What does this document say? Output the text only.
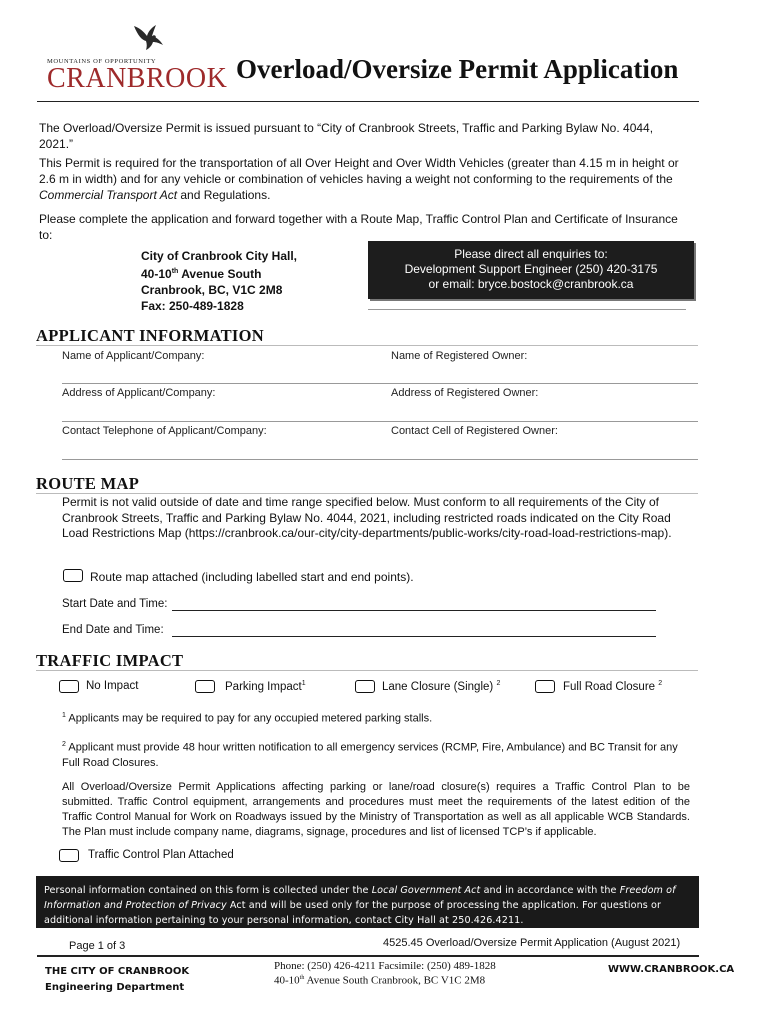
MOUNTAINS OF OPPORTUNITY
CRANBROOK Overload/Oversize Permit Application
The Overload/Oversize Permit is issued pursuant to “City of Cranbrook Streets, Traffic and Parking Bylaw No. 4044, 2021.”
This Permit is required for the transportation of all Over Height and Over Width Vehicles (greater than 4.15 m in height or 2.6 m in width) and for any vehicle or combination of vehicles having a weight not conforming to the requirements of the Commercial Transport Act and Regulations.
Please complete the application and forward together with a Route Map, Traffic Control Plan and Certificate of Insurance to:
City of Cranbrook City Hall,
40-10th Avenue South
Cranbrook, BC, V1C 2M8
Fax: 250-489-1828
Please direct all enquiries to:
Development Support Engineer (250) 420-3175
or email: bryce.bostock@cranbrook.ca
APPLICANT INFORMATION
Name of Applicant/Company:	Name of Registered Owner:
Address of Applicant/Company:	Address of Registered Owner:
Contact Telephone of Applicant/Company:	Contact Cell of Registered Owner:
ROUTE MAP
Permit is not valid outside of date and time range specified below. Must conform to all requirements of the City of Cranbrook Streets, Traffic and Parking Bylaw No. 4044, 2021, including restricted roads indicated on the City Road Load Restrictions Map (https://cranbrook.ca/our-city/city-departments/public-works/city-road-load-restrictions-map).
Route map attached (including labelled start and end points).
Start Date and Time:
End Date and Time:
TRAFFIC IMPACT
No Impact	Parking Impact$^1$	Lane Closure (Single) $^2$	Full Road Closure $^2$
$^1$ Applicants may be required to pay for any occupied metered parking stalls.
$^2$ Applicant must provide 48 hour written notification to all emergency services (RCMP, Fire, Ambulance) and BC Transit for any Full Road Closures.
All Overload/Oversize Permit Applications affecting parking or lane/road closure(s) requires a Traffic Control Plan to be submitted. Traffic Control equipment, arrangements and procedures must meet the requirements of the latest edition of the Traffic Control Manual for Work on Roadways issued by the Ministry of Transportation as well as all applicable WCB Standards. The Plan must include company name, diagrams, signage, procedures and list of licensed TCP’s if applicable.
Traffic Control Plan Attached
Personal information contained on this form is collected under the Local Government Act and in accordance with the Freedom of Information and Protection of Privacy Act and will be used only for the purpose of processing the application. For questions or additional information pertaining to your personal information, contact City Hall at 250.426.4211.
Page 1 of 3	4525.45 Overload/Oversize Permit Application (August 2021)
THE CITY OF CRANBROOK
Engineering Department
Phone: (250) 426-4211 Facsimile: (250) 489-1828
40-10th Avenue South Cranbrook, BC V1C 2M8
WWW.CRANBROOK.CA
